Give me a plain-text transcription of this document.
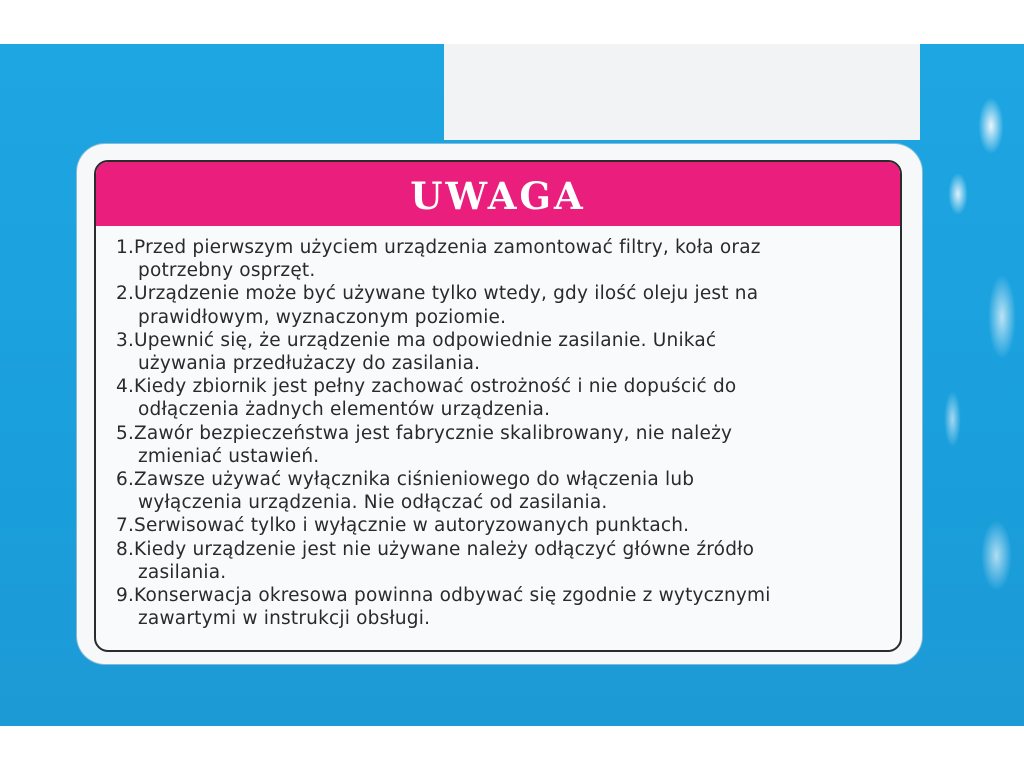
UWAGA
1.Przed pierwszym użyciem urządzenia zamontować filtry, koła oraz
potrzebny osprzęt.
2.Urządzenie może być używane tylko wtedy, gdy ilość oleju jest na
prawidłowym, wyznaczonym poziomie.
3.Upewnić się, że urządzenie ma odpowiednie zasilanie. Unikać
używania przedłużaczy do zasilania.
4.Kiedy zbiornik jest pełny zachować ostrożność i nie dopuścić do
odłączenia żadnych elementów urządzenia.
5.Zawór bezpieczeństwa jest fabrycznie skalibrowany, nie należy
zmieniać ustawień.
6.Zawsze używać wyłącznika ciśnieniowego do włączenia lub
wyłączenia urządzenia. Nie odłączać od zasilania.
7.Serwisować tylko i wyłącznie w autoryzowanych punktach.
8.Kiedy urządzenie jest nie używane należy odłączyć główne źródło
zasilania.
9.Konserwacja okresowa powinna odbywać się zgodnie z wytycznymi
zawartymi w instrukcji obsługi.
